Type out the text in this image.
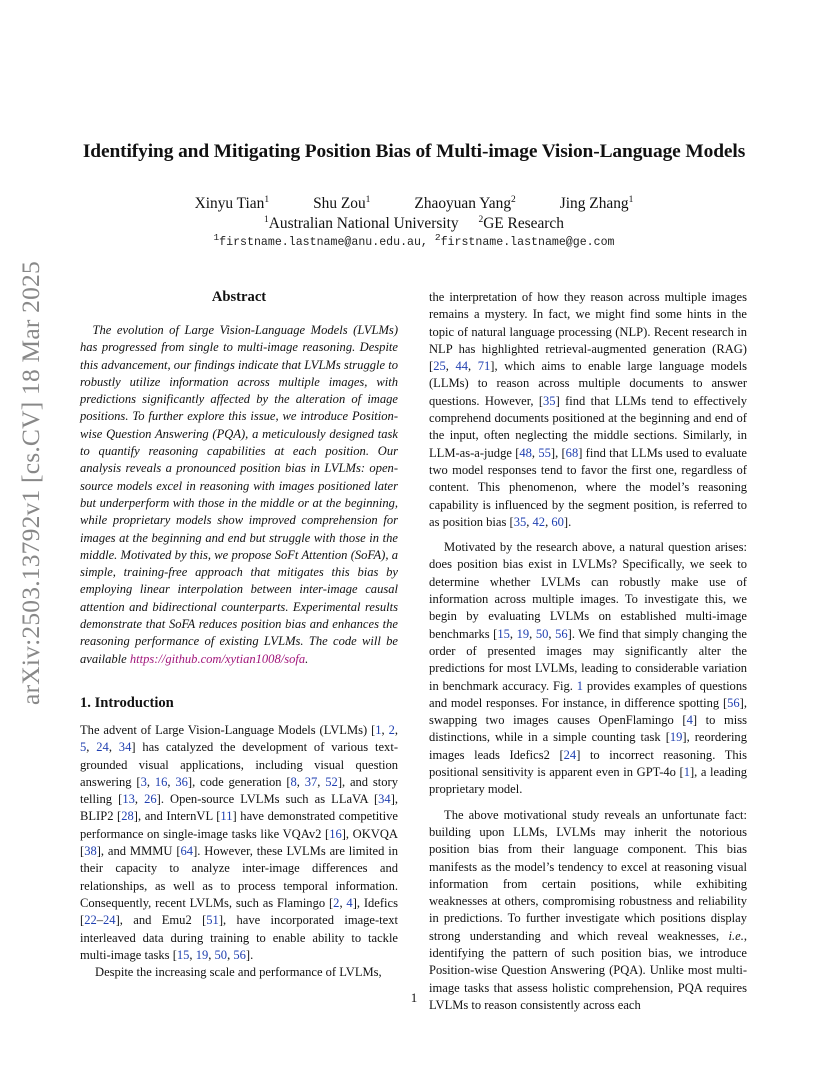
arXiv:2503.13792v1 [cs.CV] 18 Mar 2025
Identifying and Mitigating Position Bias of Multi-image Vision-Language Models
Xinyu Tian$^1$	Shu Zou$^1$	Zhaoyuan Yang$^2$	Jing Zhang$^1$
$^1$Australian National University $^2$GE Research
$^1$firstname.lastname@anu.edu.au, $^2$firstname.lastname@ge.com
Abstract

The evolution of Large Vision-Language Models (LVLMs) has progressed from single to multi-image reasoning. Despite this advancement, our findings indicate that LVLMs struggle to robustly utilize information across multiple images, with predictions significantly affected by the alteration of image positions. To further explore this issue, we introduce Position-wise Question Answering (PQA), a meticulously designed task to quantify reasoning capabilities at each position. Our analysis reveals a pronounced position bias in LVLMs: open-source models excel in reasoning with images positioned later but underperform with those in the middle or at the beginning, while proprietary models show improved comprehension for images at the beginning and end but struggle with those in the middle. Motivated by this, we propose SoFt Attention (SoFA), a simple, training-free approach that mitigates this bias by employing linear interpolation between inter-image causal attention and bidirectional counterparts. Experimental results demonstrate that SoFA reduces position bias and enhances the reasoning performance of existing LVLMs. The code will be available https://github.com/xytian1008/sofa.

1. Introduction

The advent of Large Vision-Language Models (LVLMs) [1, 2, 5, 24, 34] has catalyzed the development of various text-grounded visual applications, including visual question answering [3, 16, 36], code generation [8, 37, 52], and story telling [13, 26]. Open-source LVLMs such as LLaVA [34], BLIP2 [28], and InternVL [11] have demonstrated competitive performance on single-image tasks like VQAv2 [16], OKVQA [38], and MMMU [64]. However, these LVLMs are limited in their capacity to analyze inter-image differences and relationships, as well as to process temporal information. Consequently, recent LVLMs, such as Flamingo [2, 4], Idefics [22–24], and Emu2 [51], have incorporated image-text interleaved data during training to enable ability to tackle multi-image tasks [15, 19, 50, 56].

Despite the increasing scale and performance of LVLMs,

the interpretation of how they reason across multiple images remains a mystery. In fact, we might find some hints in the topic of natural language processing (NLP). Recent research in NLP has highlighted retrieval-augmented generation (RAG) [25, 44, 71], which aims to enable large language models (LLMs) to reason across multiple documents to answer questions. However, [35] find that LLMs tend to effectively comprehend documents positioned at the beginning and end of the input, often neglecting the middle sections. Similarly, in LLM-as-a-judge [48, 55], [68] find that LLMs used to evaluate two model responses tend to favor the first one, regardless of content. This phenomenon, where the model’s reasoning capability is influenced by the segment position, is referred to as position bias [35, 42, 60].

Motivated by the research above, a natural question arises: does position bias exist in LVLMs? Specifically, we seek to determine whether LVLMs can robustly make use of information across multiple images. To investigate this, we begin by evaluating LVLMs on established multi-image benchmarks [15, 19, 50, 56]. We find that simply changing the order of presented images may significantly alter the predictions for most LVLMs, leading to considerable variation in benchmark accuracy. Fig. 1 provides examples of questions and model responses. For instance, in difference spotting [56], swapping two images causes OpenFlamingo [4] to miss distinctions, while in a simple counting task [19], reordering images leads Idefics2 [24] to incorrect reasoning. This positional sensitivity is apparent even in GPT-4o [1], a leading proprietary model.

The above motivational study reveals an unfortunate fact: building upon LLMs, LVLMs may inherit the notorious position bias from their language component. This bias manifests as the model’s tendency to excel at reasoning visual information from certain positions, while exhibiting weaknesses at others, compromising robustness and reliability in predictions. To further investigate which positions display strong understanding and which reveal weaknesses, i.e., identifying the pattern of such position bias, we introduce Position-wise Question Answering (PQA). Unlike most multi-image tasks that assess holistic comprehension, PQA requires LVLMs to reason consistently across each

1
